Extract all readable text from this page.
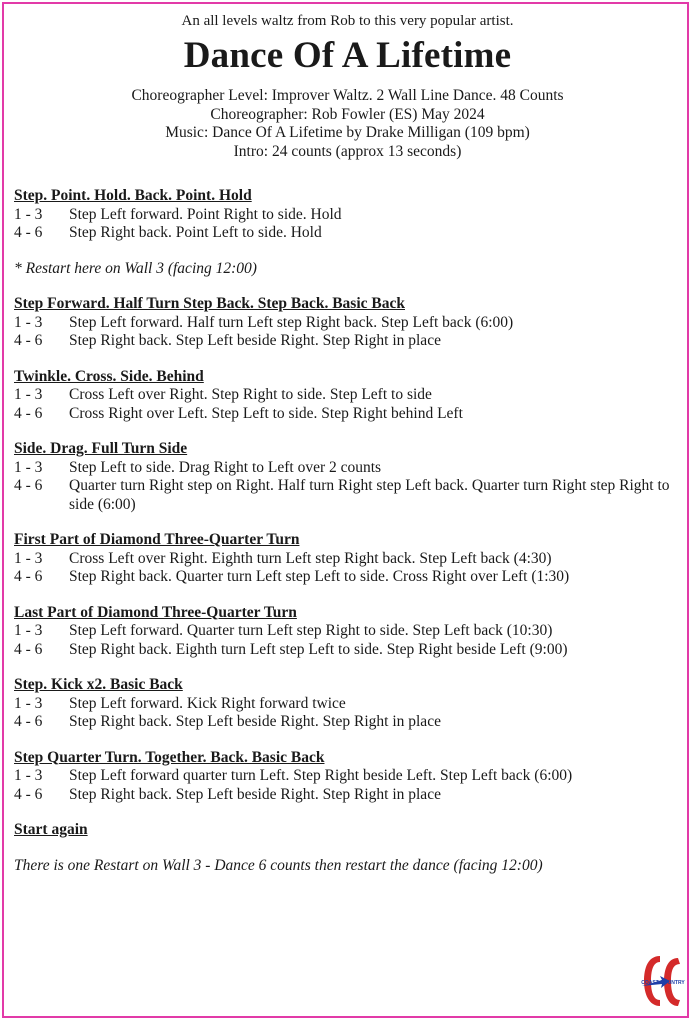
An all levels waltz from Rob to this very popular artist.
Dance Of A Lifetime
Choreographer Level: Improver Waltz. 2 Wall Line Dance. 48 Counts
Choreographer: Rob Fowler (ES) May 2024
Music: Dance Of A Lifetime by Drake Milligan (109 bpm)
Intro: 24 counts (approx 13 seconds)
Step. Point. Hold. Back. Point. Hold
1 - 3	Step Left forward. Point Right to side. Hold
4 - 6	Step Right back. Point Left to side. Hold
* Restart here on Wall 3 (facing 12:00)
Step Forward. Half Turn Step Back. Step Back. Basic Back
1 - 3	Step Left forward. Half turn Left step Right back. Step Left back (6:00)
4 - 6	Step Right back. Step Left beside Right. Step Right in place
Twinkle. Cross. Side. Behind
1 - 3	Cross Left over Right. Step Right to side. Step Left to side
4 - 6	Cross Right over Left. Step Left to side. Step Right behind Left
Side. Drag. Full Turn Side
1 - 3	Step Left to side. Drag Right to Left over 2 counts
4 - 6	Quarter turn Right step on Right. Half turn Right step Left back. Quarter turn Right step Right to side (6:00)
First Part of Diamond Three-Quarter Turn
1 - 3	Cross Left over Right. Eighth turn Left step Right back. Step Left back (4:30)
4 - 6	Step Right back. Quarter turn Left step Left to side. Cross Right over Left (1:30)
Last Part of Diamond Three-Quarter Turn
1 - 3	Step Left forward. Quarter turn Left step Right to side. Step Left back (10:30)
4 - 6	Step Right back. Eighth turn Left step Left to side. Step Right beside Left (9:00)
Step. Kick x2. Basic Back
1 - 3	Step Left forward. Kick Right forward twice
4 - 6	Step Right back. Step Left beside Right. Step Right in place
Step Quarter Turn. Together. Back. Basic Back
1 - 3	Step Left forward quarter turn Left. Step Right beside Left. Step Left back (6:00)
4 - 6	Step Right back. Step Left beside Right. Step Right in place
Start again
There is one Restart on Wall 3 - Dance 6 counts then restart the dance (facing 12:00)
COAST COUNTRY
